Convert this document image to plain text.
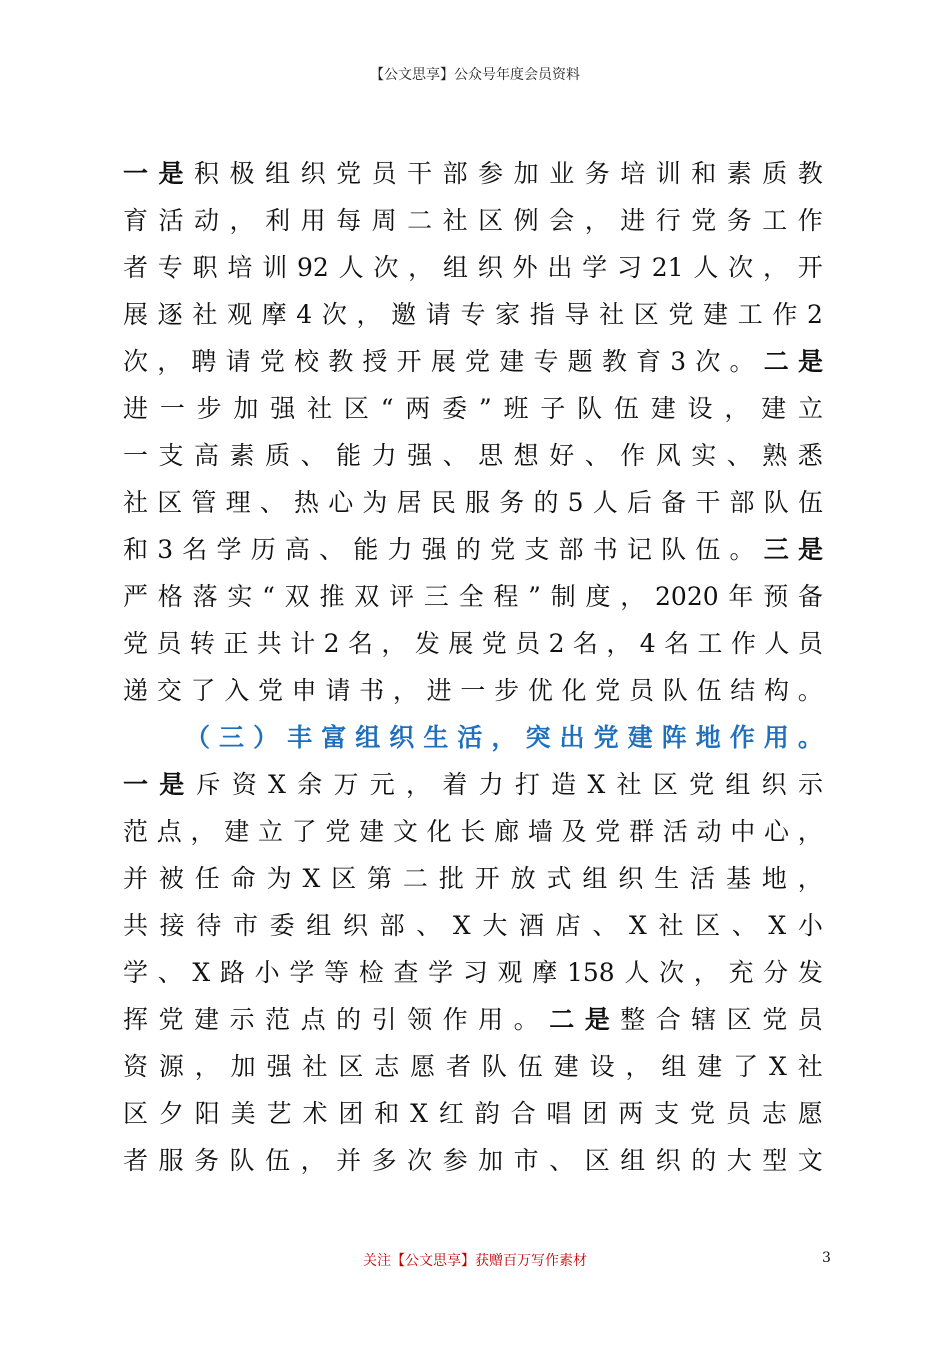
【公文思享】公众号年度会员资料
一 是 积 极 组 织 党 员 干 部 参 加 业 务 培 训 和 素 质 教
育 活 动 ， 利 用 每 周 二 社 区 例 会 ， 进 行 党 务 工 作
者 专 职 培 训 92 人 次 ， 组 织 外 出 学 习 21 人 次 ， 开
展 逐 社 观 摩 4 次 ， 邀 请 专 家 指 导 社 区 党 建 工 作 2
次 ， 聘 请 党 校 教 授 开 展 党 建 专 题 教 育 3 次 。 二 是
进 一 步 加 强 社 区 “ 两 委 ” 班 子 队 伍 建 设 ， 建 立
一 支 高 素 质 、 能 力 强 、 思 想 好 、 作 风 实 、 熟 悉
社 区 管 理 、 热 心 为 居 民 服 务 的 5 人 后 备 干 部 队 伍
和 3 名 学 历 高 、 能 力 强 的 党 支 部 书 记 队 伍 。 三 是
严 格 落 实 “ 双 推 双 评 三 全 程 ” 制 度 ， 2020 年 预 备
党 员 转 正 共 计 2 名 ， 发 展 党 员 2 名 ， 4 名 工 作 人 员
递 交 了 入 党 申 请 书 ， 进 一 步 优 化 党 员 队 伍 结 构 。
（ 三 ） 丰 富 组 织 生 活 ， 突 出 党 建 阵 地 作 用 。
一 是 斥 资 X 余 万 元 ， 着 力 打 造 X 社 区 党 组 织 示
范 点 ， 建 立 了 党 建 文 化 长 廊 墙 及 党 群 活 动 中 心 ，
并 被 任 命 为 X 区 第 二 批 开 放 式 组 织 生 活 基 地 ，
共 接 待 市 委 组 织 部 、 X 大 酒 店 、 X 社 区 、 X 小
学 、 X 路 小 学 等 检 查 学 习 观 摩 158 人 次 ， 充 分 发
挥 党 建 示 范 点 的 引 领 作 用 。 二 是 整 合 辖 区 党 员
资 源 ， 加 强 社 区 志 愿 者 队 伍 建 设 ， 组 建 了 X 社
区 夕 阳 美 艺 术 团 和 X 红 韵 合 唱 团 两 支 党 员 志 愿
者 服 务 队 伍 ， 并 多 次 参 加 市 、 区 组 织 的 大 型 文
关注【公文思享】获赠百万写作素材	3
